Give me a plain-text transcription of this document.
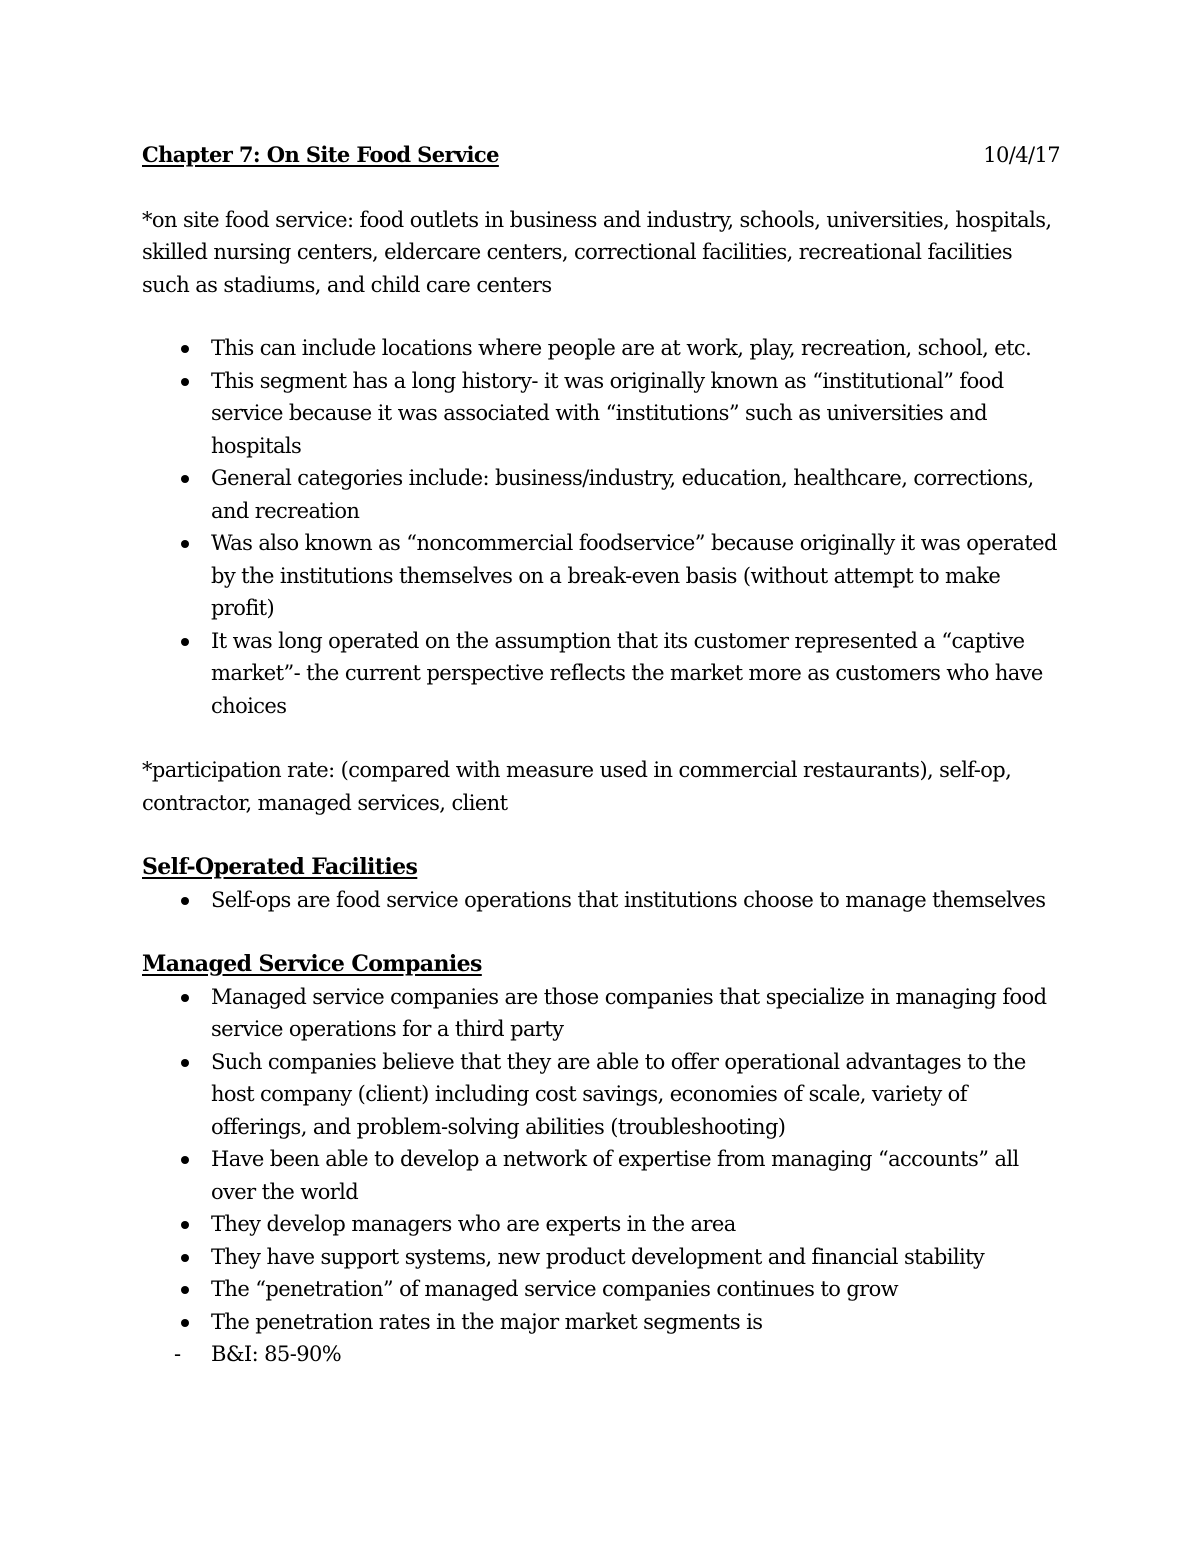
Chapter 7: On Site Food Service	10/4/17

*on site food service: food outlets in business and industry, schools, universities, hospitals, skilled nursing centers, eldercare centers, correctional facilities, recreational facilities such as stadiums, and child care centers

This can include locations where people are at work, play, recreation, school, etc.
This segment has a long history- it was originally known as “institutional” food service because it was associated with “institutions” such as universities and hospitals
General categories include: business/industry, education, healthcare, corrections, and recreation
Was also known as “noncommercial foodservice” because originally it was operated by the institutions themselves on a break-even basis (without attempt to make profit)
It was long operated on the assumption that its customer represented a “captive market”- the current perspective reflects the market more as customers who have choices

*participation rate: (compared with measure used in commercial restaurants), self-op, contractor, managed services, client

Self-Operated Facilities
Self-ops are food service operations that institutions choose to manage themselves
Managed Service Companies
Managed service companies are those companies that specialize in managing food service operations for a third party
Such companies believe that they are able to offer operational advantages to the host company (client) including cost savings, economies of scale, variety of offerings, and problem-solving abilities (troubleshooting)
Have been able to develop a network of expertise from managing “accounts” all over the world
They develop managers who are experts in the area
They have support systems, new product development and financial stability
The “penetration” of managed service companies continues to grow
The penetration rates in the major market segments is
- B&I: 85-90%
